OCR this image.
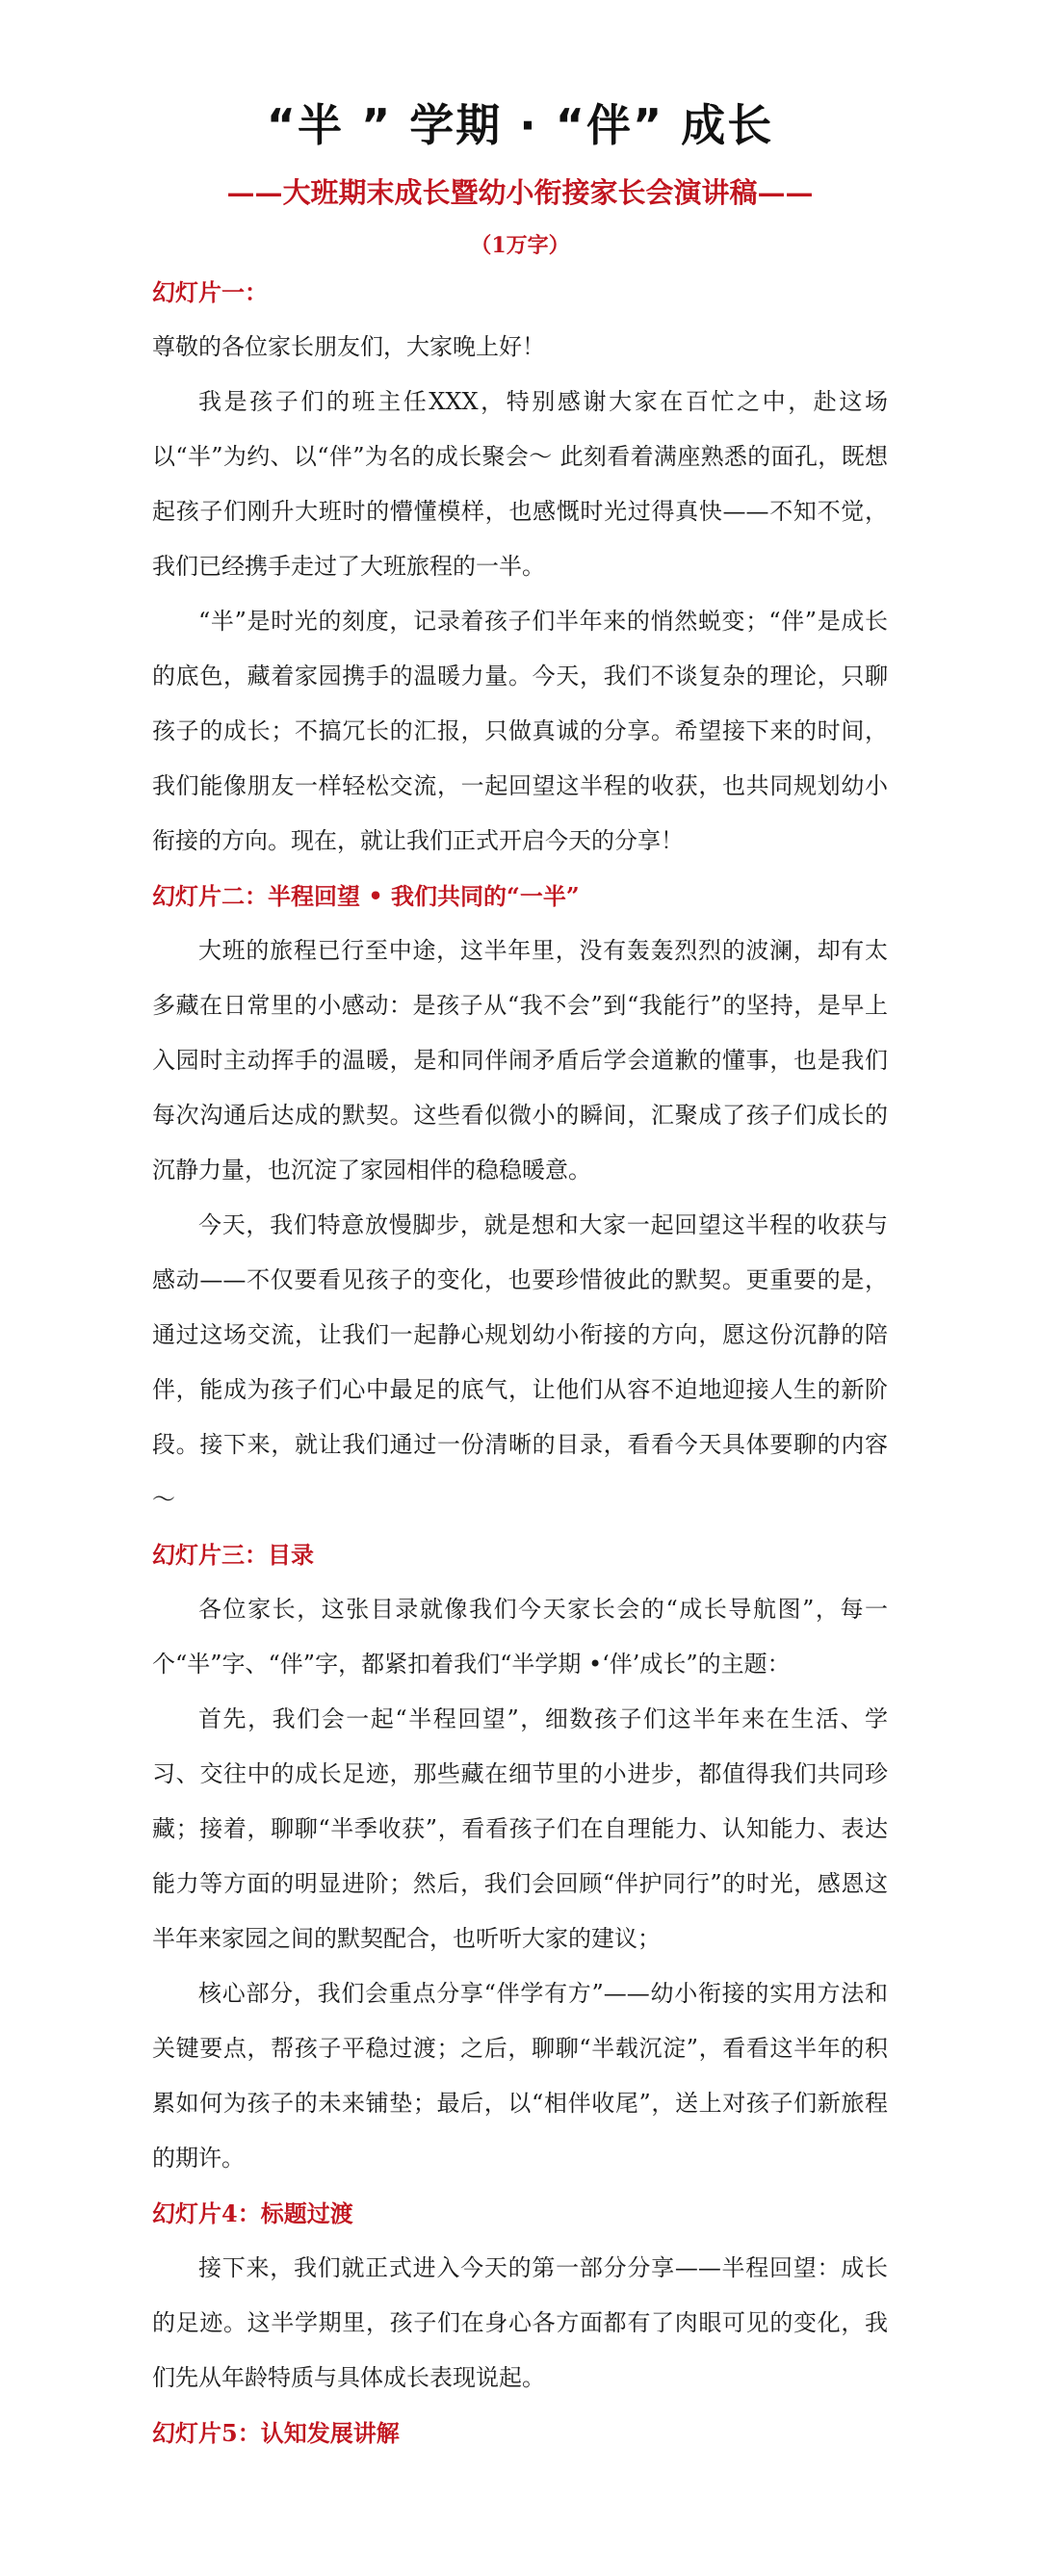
“半 ” 学期 · “伴” 成长
——大班期末成长暨幼小衔接家长会演讲稿——
（1万字）
幻灯片一：

尊敬的各位家长朋友们，大家晚上好！

我是孩子们的班主任XXX，特别感谢大家在百忙之中，赴这场以“半”为约、以“伴”为名的成长聚会～ 此刻看着满座熟悉的面孔，既想起孩子们刚升大班时的懵懂模样，也感慨时光过得真快——不知不觉，我们已经携手走过了大班旅程的一半。

“半”是时光的刻度，记录着孩子们半年来的悄然蜕变；“伴”是成长的底色，藏着家园携手的温暖力量。今天，我们不谈复杂的理论，只聊孩子的成长；不搞冗长的汇报，只做真诚的分享。希望接下来的时间，我们能像朋友一样轻松交流，一起回望这半程的收获，也共同规划幼小衔接的方向。现在，就让我们正式开启今天的分享！

幻灯片二：半程回望 • 我们共同的“一半”

大班的旅程已行至中途，这半年里，没有轰轰烈烈的波澜，却有太多藏在日常里的小感动：是孩子从“我不会”到“我能行”的坚持，是早上入园时主动挥手的温暖，是和同伴闹矛盾后学会道歉的懂事，也是我们每次沟通后达成的默契。这些看似微小的瞬间，汇聚成了孩子们成长的沉静力量，也沉淀了家园相伴的稳稳暖意。

今天，我们特意放慢脚步，就是想和大家一起回望这半程的收获与感动——不仅要看见孩子的变化，也要珍惜彼此的默契。更重要的是，通过这场交流，让我们一起静心规划幼小衔接的方向，愿这份沉静的陪伴，能成为孩子们心中最足的底气，让他们从容不迫地迎接人生的新阶段。接下来，就让我们通过一份清晰的目录，看看今天具体要聊的内容～

幻灯片三：目录

各位家长，这张目录就像我们今天家长会的“成长导航图”，每一个“半”字、“伴”字，都紧扣着我们“半学期 •‘伴’成长”的主题：

首先，我们会一起“半程回望”，细数孩子们这半年来在生活、学习、交往中的成长足迹，那些藏在细节里的小进步，都值得我们共同珍藏；接着，聊聊“半季收获”，看看孩子们在自理能力、认知能力、表达能力等方面的明显进阶；然后，我们会回顾“伴护同行”的时光，感恩这半年来家园之间的默契配合，也听听大家的建议；

核心部分，我们会重点分享“伴学有方”——幼小衔接的实用方法和关键要点，帮孩子平稳过渡；之后，聊聊“半载沉淀”，看看这半年的积累如何为孩子的未来铺垫；最后，以“相伴收尾”，送上对孩子们新旅程的期许。

幻灯片4：标题过渡

接下来，我们就正式进入今天的第一部分分享——半程回望：成长的足迹。这半学期里，孩子们在身心各方面都有了肉眼可见的变化，我们先从年龄特质与具体成长表现说起。

幻灯片5：认知发展讲解
